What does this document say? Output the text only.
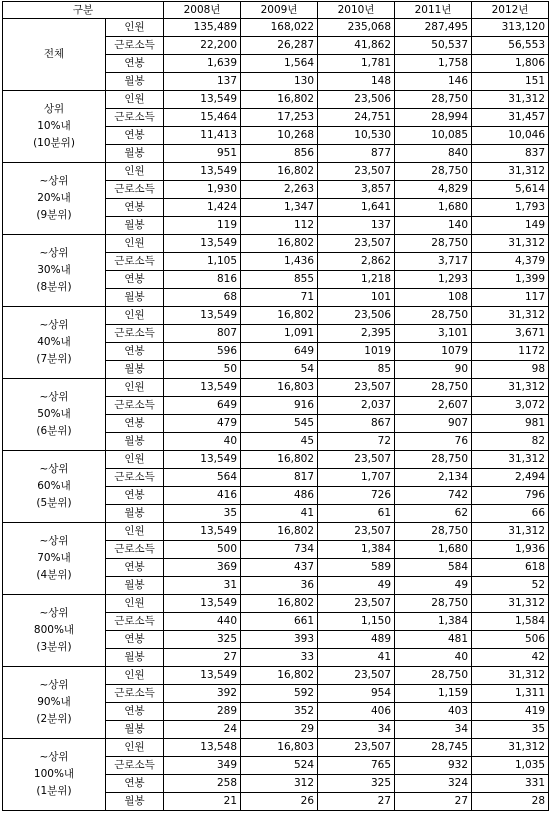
구분		2008년	2009년	2010년	2011년	2012년

전체	인원	135,489	168,022	235,068	287,495	313,120
	근로소득	22,200	26,287	41,862	50,537	56,553
	연봉	1,639	1,564	1,781	1,758	1,806
	월봉	137	130	148	146	151

상위
10%내
(10분위)	인원	13,549	16,802	23,506	28,750	31,312
	근로소득	15,464	17,253	24,751	28,994	31,457
	연봉	11,413	10,268	10,530	10,085	10,046
	월봉	951	856	877	840	837

~상위
20%내
(9분위)	인원	13,549	16,802	23,507	28,750	31,312
	근로소득	1,930	2,263	3,857	4,829	5,614
	연봉	1,424	1,347	1,641	1,680	1,793
	월봉	119	112	137	140	149

~상위
30%내
(8분위)	인원	13,549	16,802	23,507	28,750	31,312
	근로소득	1,105	1,436	2,862	3,717	4,379
	연봉	816	855	1,218	1,293	1,399
	월봉	68	71	101	108	117

~상위
40%내
(7분위)	인원	13,549	16,802	23,506	28,750	31,312
	근로소득	807	1,091	2,395	3,101	3,671
	연봉	596	649	1019	1079	1172
	월봉	50	54	85	90	98

~상위
50%내
(6분위)	인원	13,549	16,803	23,507	28,750	31,312
	근로소득	649	916	2,037	2,607	3,072
	연봉	479	545	867	907	981
	월봉	40	45	72	76	82

~상위
60%내
(5분위)	인원	13,549	16,802	23,507	28,750	31,312
	근로소득	564	817	1,707	2,134	2,494
	연봉	416	486	726	742	796
	월봉	35	41	61	62	66

~상위
70%내
(4분위)	인원	13,549	16,802	23,507	28,750	31,312
	근로소득	500	734	1,384	1,680	1,936
	연봉	369	437	589	584	618
	월봉	31	36	49	49	52

~상위
800%내
(3분위)	인원	13,549	16,802	23,507	28,750	31,312
	근로소득	440	661	1,150	1,384	1,584
	연봉	325	393	489	481	506
	월봉	27	33	41	40	42

~상위
90%내
(2분위)	인원	13,549	16,802	23,507	28,750	31,312
	근로소득	392	592	954	1,159	1,311
	연봉	289	352	406	403	419
	월봉	24	29	34	34	35

~상위
100%내
(1분위)	인원	13,548	16,803	23,507	28,745	31,312
	근로소득	349	524	765	932	1,035
	연봉	258	312	325	324	331
	월봉	21	26	27	27	28
